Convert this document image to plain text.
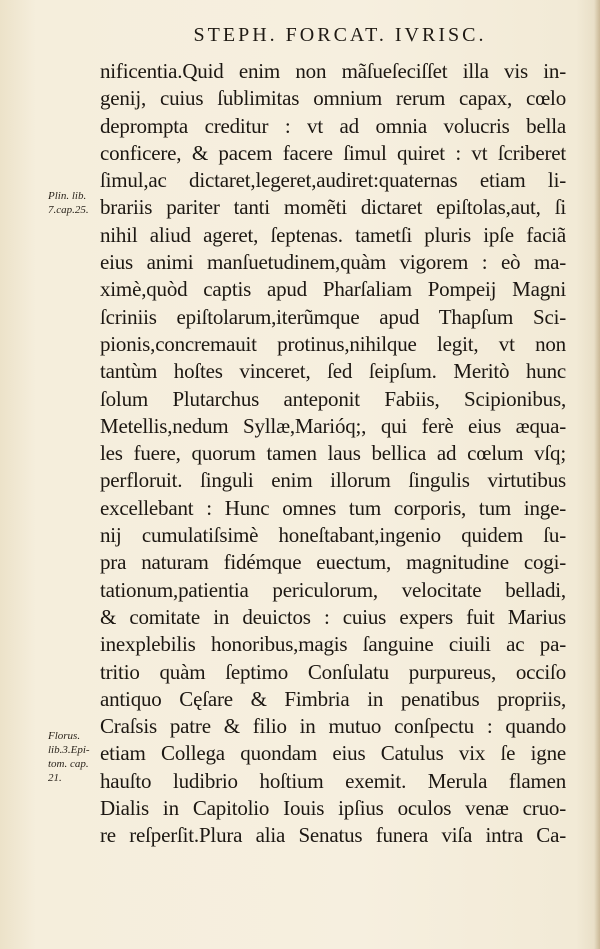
STEPH. FORCAT. IVRISC.
Plin. lib. 7.cap.25.
Florus. lib.3.Epi- tom. cap. 21.
nificentia.Quid enim non mãſueſeciſſet illa vis in-
genij, cuius ſublimitas omnium rerum capax, cœlo
deprompta creditur : vt ad omnia volucris bella
conficere, & pacem facere ſimul quiret : vt ſcriberet
ſimul,ac dictaret,legeret,audiret:quaternas etiam li-
brariis pariter tanti momẽti dictaret epiſtolas,aut, ſi
nihil aliud ageret, ſeptenas. tametſi pluris ipſe faciã
eius animi manſuetudinem,quàm vigorem : eò ma-
ximè,quòd captis apud Pharſaliam Pompeij Magni
ſcriniis epiſtolarum,iterũmque apud Thapſum Sci-
pionis,concremauit protinus,nihilque legit, vt non
tantùm hoſtes vinceret, ſed ſeipſum. Meritò hunc
ſolum Plutarchus anteponit Fabiis, Scipionibus,
Metellis,nedum Syllæ,Marióq;, qui ferè eius æqua-
les fuere, quorum tamen laus bellica ad cœlum vſq;
perfloruit. ſinguli enim illorum ſingulis virtutibus
excellebant : Hunc omnes tum corporis, tum inge-
nij cumulatiſsimè honeſtabant,ingenio quidem ſu-
pra naturam fidémque euectum, magnitudine cogi-
tationum,patientia periculorum, velocitate belladi,
& comitate in deuictos : cuius expers fuit Marius
inexplebilis honoribus,magis ſanguine ciuili ac pa-
tritio quàm ſeptimo Conſulatu purpureus, occiſo
antiquo Cęſare & Fimbria in penatibus propriis,
Craſsis patre & filio in mutuo conſpectu : quando
etiam Collega quondam eius Catulus vix ſe igne
hauſto ludibrio hoſtium exemit. Merula flamen
Dialis in Capitolio Iouis ipſius oculos venæ cruo-
re reſperſit.Plura alia Senatus funera viſa intra Ca-
